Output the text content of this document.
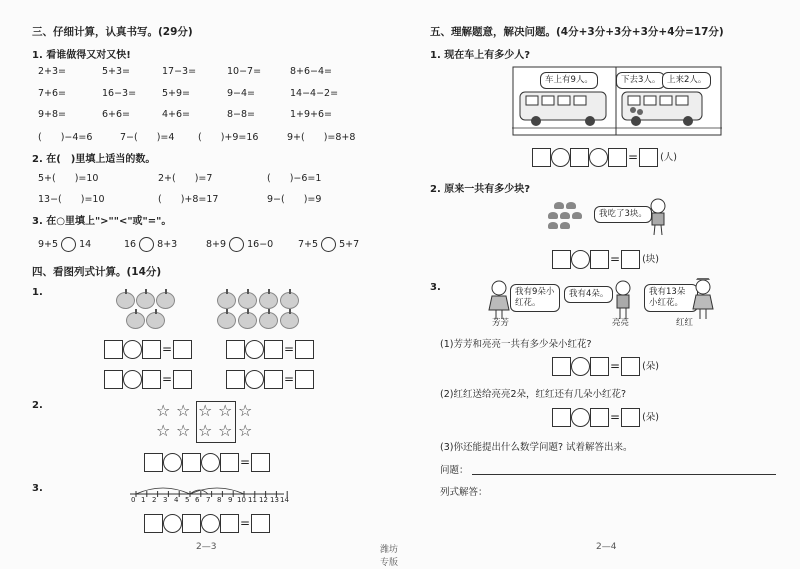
三、仔细计算，认真书写。(29分)
1. 看谁做得又对又快!
2+3=	5+3=	17−3=	10−7=	8+6−4=
7+6=	16−3=	5+9=	9−4=	14−4−2=
9+8=	6+6=	4+6=	8−8=	1+9+6=
(　　)−4=6	7−(　　)=4 (　　)+9=16	9+(　　)=8+8
2. 在(　)里填上适当的数。
5+(　　)=10	2+(　　)=7	(　　)−6=1
13−(　　)=10	(　　)+8=17	9−(　　)=9
3. 在○里填上">""<"或"="。
9+5 14	16 8+3	8+9 16−0	7+5 5+7
四、看图列式计算。(14分)
1.
=	=
=	=
2.	☆ ☆ ☆ ☆ ☆
☆ ☆ ☆ ☆ ☆
=
3.
0 1 2 3 4 5 6 7 8 9 10 11 12 13 14
=
2—3	潍坊专版
五、理解题意，解决问题。(4分+3分+3分+3分+4分=17分)
1. 现在车上有多少人?
车上有9人。	下去3人。 上来2人。
= (人)
2. 原来一共有多少块?
我吃了3块。
= (块)
3.	我有9朵小红花。
我有4朵。	我有13朵小红花。
芳芳	亮亮	红红
(1)芳芳和亮亮一共有多少朵小红花?
= (朵)
(2)红红送给亮亮2朵，红红还有几朵小红花?
= (朵)
(3)你还能提出什么数学问题? 试着解答出来。
问题：
列式解答：
2—4
